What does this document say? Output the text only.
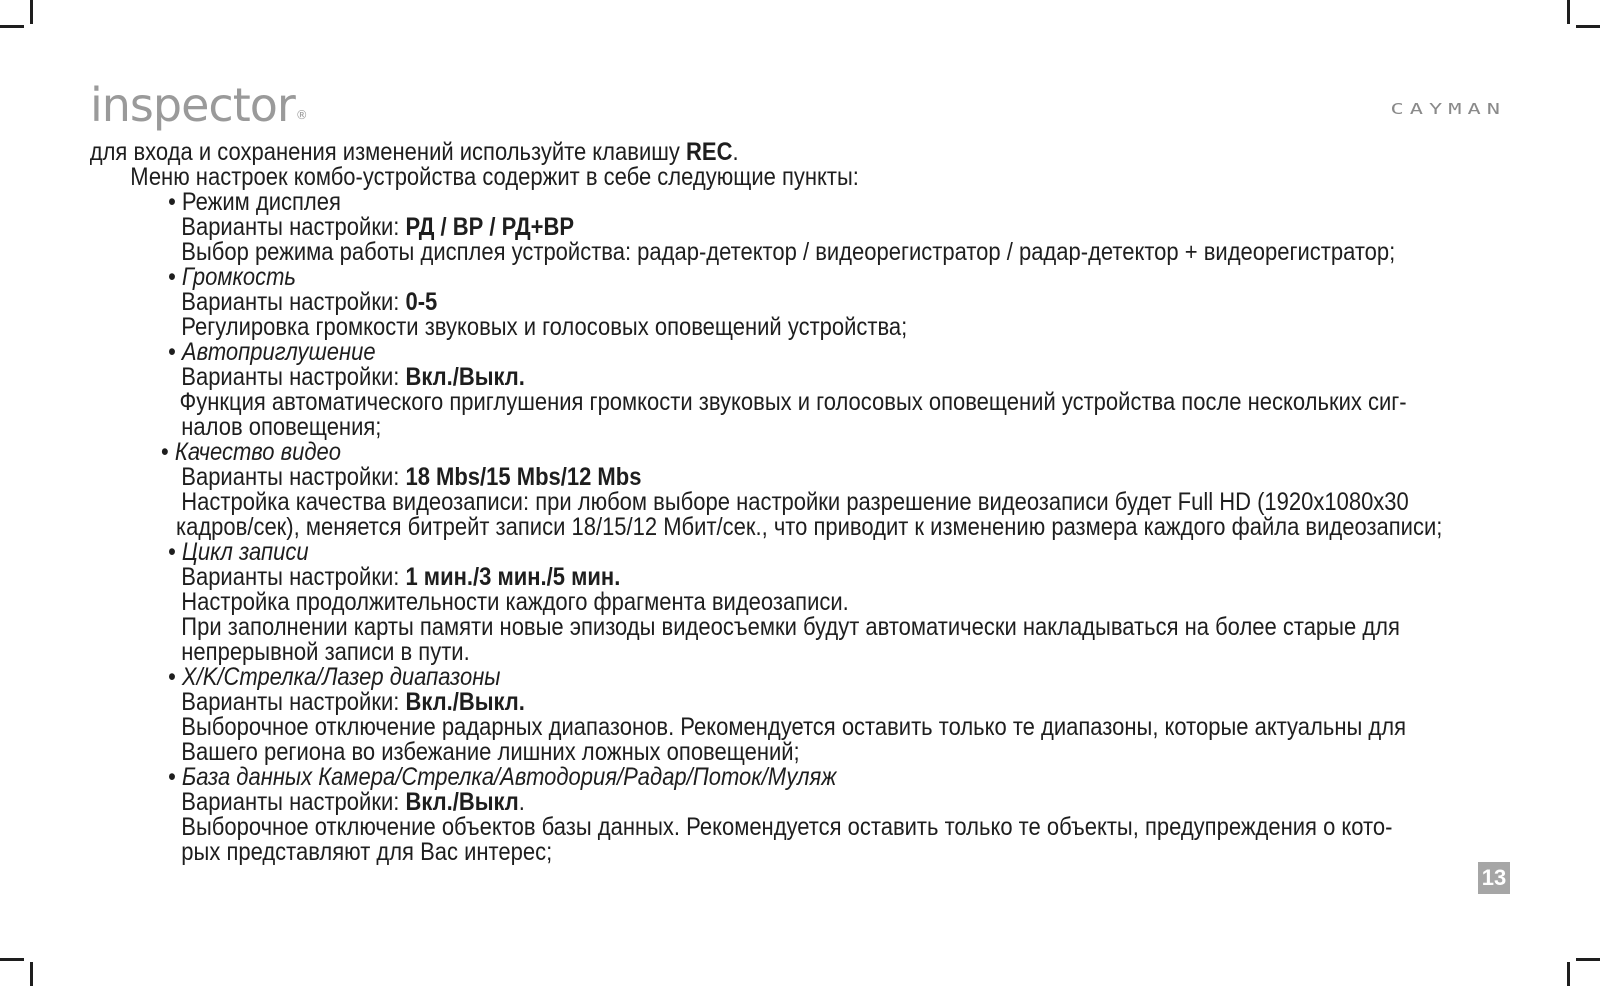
inspector®	CAYMAN
для входа и сохранения изменений используйте клавишу REC.
Меню настроек комбо-устройства содержит в себе следующие пункты:
• Режим дисплея
Варианты настройки: РД / ВР / РД+ВР
Выбор режима работы дисплея устройства: радар-детектор / видеорегистратор / радар-детектор + видеорегистратор;
• Громкость
Варианты настройки: 0-5
Регулировка громкости звуковых и голосовых оповещений устройства;
• Автоприглушение
Варианты настройки: Вкл./Выкл.
Функция автоматического приглушения громкости звуковых и голосовых оповещений устройства после нескольких сиг-
налов оповещения;
• Качество видео
Варианты настройки: 18 Mbs/15 Mbs/12 Mbs
Настройка качества видеозаписи: при любом выборе настройки разрешение видеозаписи будет Full HD (1920x1080x30
кадров/сек), меняется битрейт записи 18/15/12 Мбит/сек., что приводит к изменению размера каждого файла видеозаписи;
• Цикл записи
Варианты настройки: 1 мин./3 мин./5 мин.
Настройка продолжительности каждого фрагмента видеозаписи.
При заполнении карты памяти новые эпизоды видеосъемки будут автоматически накладываться на более старые для
непрерывной записи в пути.
• X/K/Стрелка/Лазер диапазоны
Варианты настройки: Вкл./Выкл.
Выборочное отключение радарных диапазонов. Рекомендуется оставить только те диапазоны, которые актуальны для
Вашего региона во избежание лишних ложных оповещений;
• База данных Камера/Стрелка/Автодория/Радар/Поток/Муляж
Варианты настройки: Вкл./Выкл.
Выборочное отключение объектов базы данных. Рекомендуется оставить только те объекты, предупреждения о кото-
рых представляют для Вас интерес;
13
